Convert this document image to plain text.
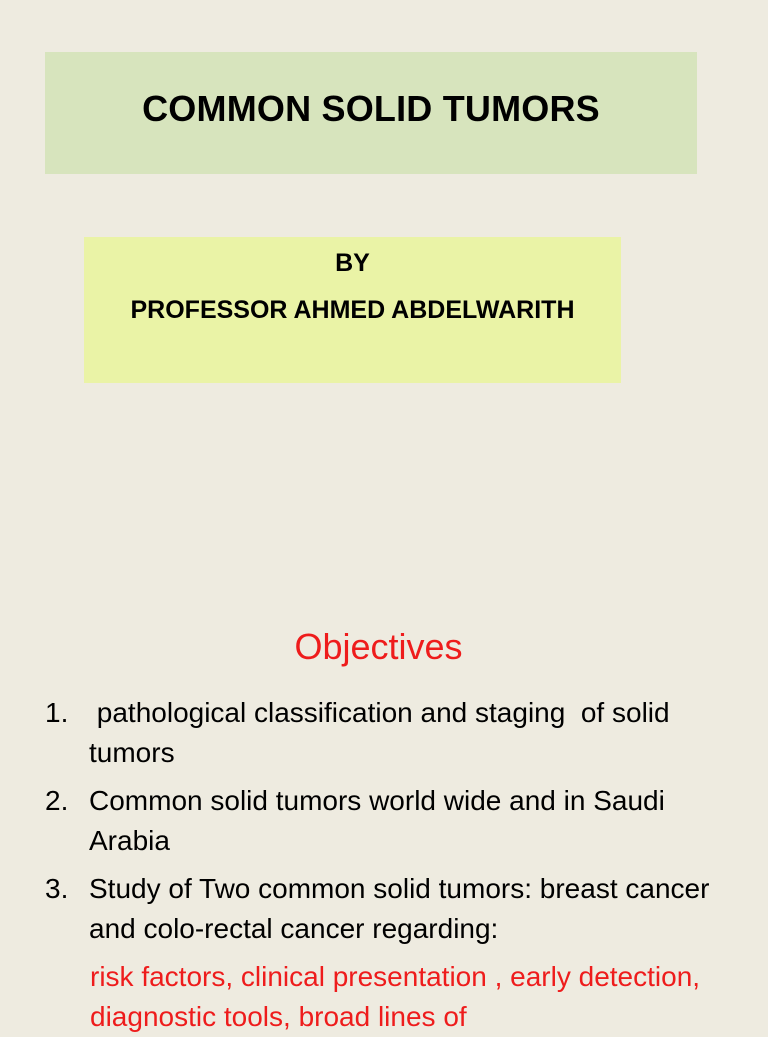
COMMON SOLID TUMORS
BY
PROFESSOR AHMED ABDELWARITH
Objectives
1. pathological classification and staging  of solid tumors
2. Common solid tumors world wide and in Saudi Arabia
3. Study of Two common solid tumors: breast cancer and colo-rectal cancer regarding:
risk factors, clinical presentation , early detection, diagnostic tools, broad lines of
